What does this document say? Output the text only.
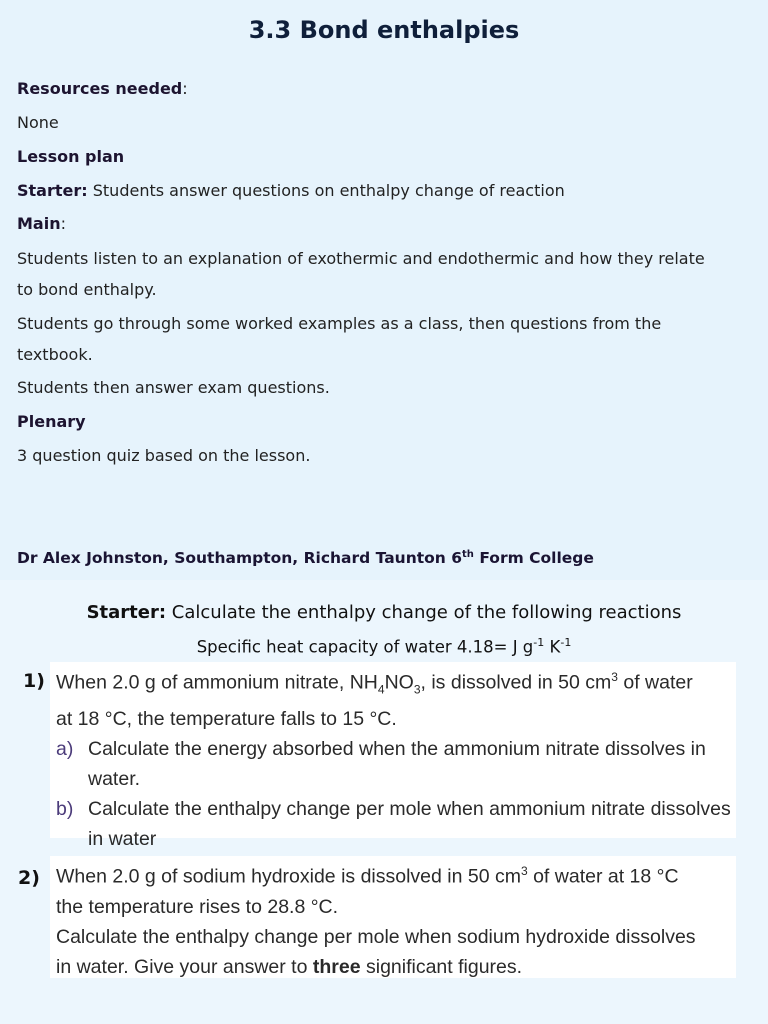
3.3 Bond enthalpies
Resources needed:
None
Lesson plan
Starter: Students answer questions on enthalpy change of reaction
Main:
Students listen to an explanation of exothermic and endothermic and how they relate to bond enthalpy.
Students go through some worked examples as a class, then questions from the textbook.
Students then answer exam questions.
Plenary
3 question quiz based on the lesson.
Dr Alex Johnston, Southampton, Richard Taunton 6th Form College
Starter: Calculate the enthalpy change of the following reactions
Specific heat capacity of water 4.18= J $g^{-1}$ $K^{-1}$
1) When 2.0 g of ammonium nitrate, $NH_4NO_3$, is dissolved in 50 $cm^3$ of water
at 18 °C, the temperature falls to 15 °C.
a) Calculate the energy absorbed when the ammonium nitrate dissolves in water.
b) Calculate the enthalpy change per mole when ammonium nitrate dissolves in water
2) When 2.0 g of sodium hydroxide is dissolved in 50 $cm^3$ of water at 18 °C
the temperature rises to 28.8 °C.
Calculate the enthalpy change per mole when sodium hydroxide dissolves
in water. Give your answer to three significant figures.
